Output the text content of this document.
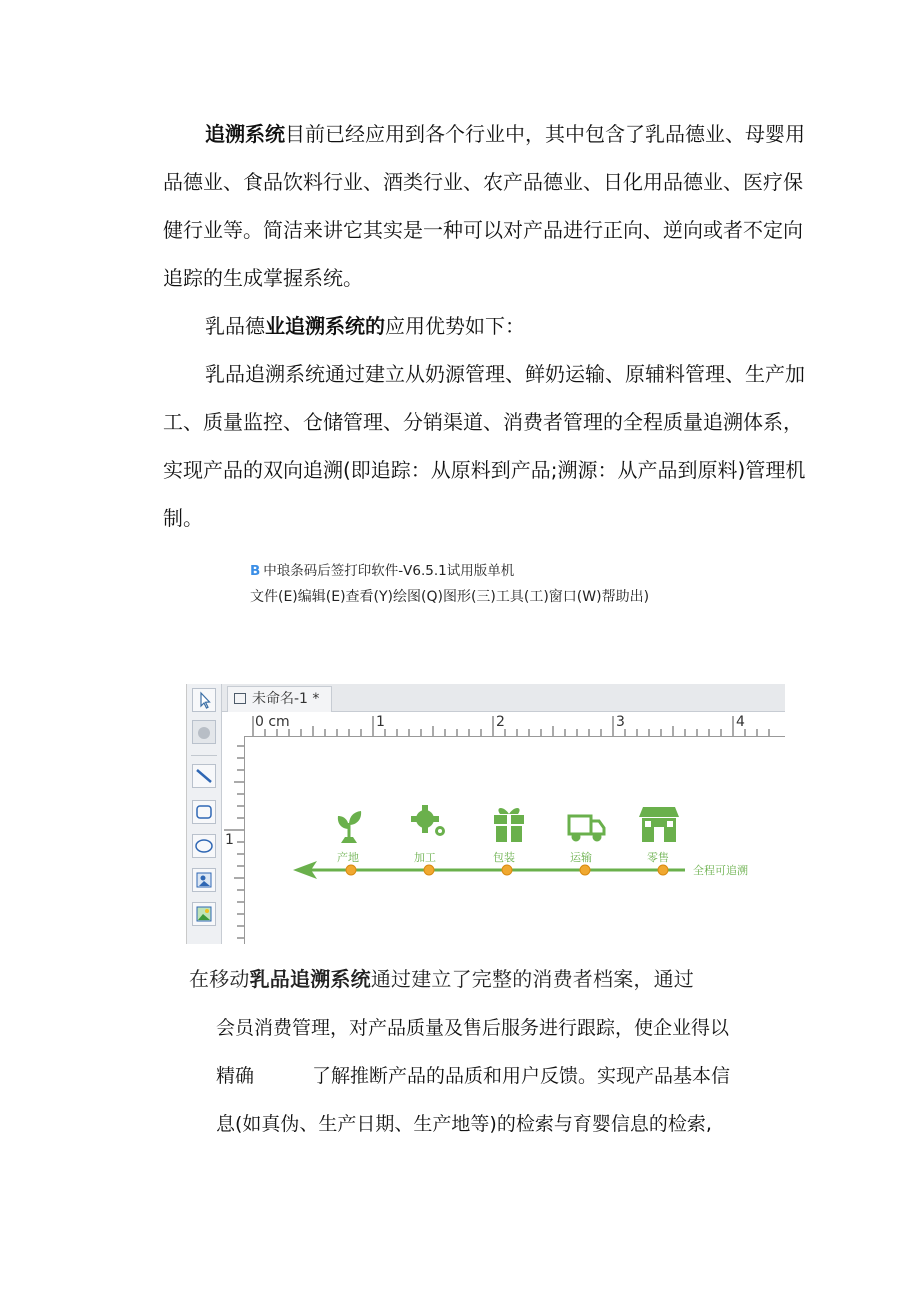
追溯系统目前已经应用到各个行业中，其中包含了乳品德业、母婴用

品德业、食品饮料行业、酒类行业、农产品德业、日化用品德业、医疗保

健行业等。简洁来讲它其实是一种可以对产品进行正向、逆向或者不定向

追踪的生成掌握系统。

乳品德业追溯系统的应用优势如下：

乳品追溯系统通过建立从奶源管理、鲜奶运输、原辅料管理、生产加

工、质量监控、仓储管理、分销渠道、消费者管理的全程质量追溯体系，

实现产品的双向追溯(即追踪：从原料到产品;溯源：从产品到原料)管理机

制。

B 中琅条码后签打印软件-V6.5.1试用版单机
文件(E)编辑(E)查看(Y)绘图(Q)图形(三)工具(工)窗口(W)帮助出)
未命名-1 *
0 cm	1	2	3	4
1
产地	加工	包装	运输	零售
全程可追溯
在移动乳品追溯系统通过建立了完整的消费者档案，通过

会员消费管理，对产品质量及售后服务进行跟踪，使企业得以

精确	了解推断产品的品质和用户反馈。实现产品基本信

息(如真伪、生产日期、生产地等)的检索与育婴信息的检索,
